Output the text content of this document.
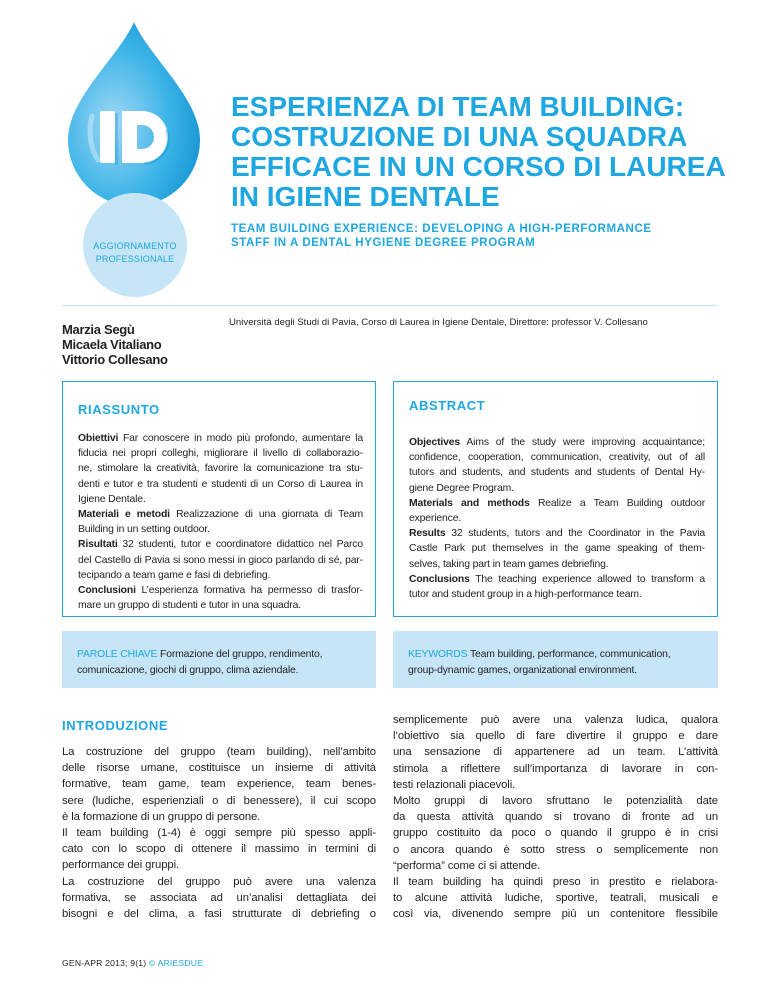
AGGIORNAMENTO
PROFESSIONALE
ESPERIENZA DI TEAM BUILDING:
COSTRUZIONE DI UNA SQUADRA
EFFICACE IN UN CORSO DI LAUREA
IN IGIENE DENTALE
TEAM BUILDING EXPERIENCE: DEVELOPING A HIGH-PERFORMANCE
STAFF IN A DENTAL HYGIENE DEGREE PROGRAM
Marzia Segù
Micaela Vitaliano
Vittorio Collesano
Università degli Studi di Pavia, Corso di Laurea in Igiene Dentale, Direttore: professor V. Collesano
RIASSUNTO
Obiettivi Far conoscere in modo più profondo, aumentare la
fiducia nei propri colleghi, migliorare il livello di collaborazio-
ne, stimolare la creatività, favorire la comunicazione tra stu-
denti e tutor e tra studenti e studenti di un Corso di Laurea in
Igiene Dentale.
Materiali e metodi Realizzazione di una giornata di Team
Building in un setting outdoor.
Risultati 32 studenti, tutor e coordinatore didattico nel Parco
del Castello di Pavia si sono messi in gioco parlando di sé, par-
tecipando a team game e fasi di debriefing.
Conclusioni L’esperienza formativa ha permesso di trasfor-
mare un gruppo di studenti e tutor in una squadra.
ABSTRACT
Objectives Aims of the study were improving acquaintance;
confidence, cooperation, communication, creativity, out of all
tutors and students, and students and students of Dental Hy-
giene Degree Program.
Materials and methods Realize a Team Building outdoor
experience.
Results 32 students, tutors and the Coordinator in the Pavia
Castle Park put themselves in the game speaking of them-
selves, taking part in team games debriefing.
Conclusions The teaching experience allowed to transform a
tutor and student group in a high-performance team.
PAROLE CHIAVE Formazione del gruppo, rendimento,
comunicazione, giochi di gruppo, clima aziendale.
KEYWORDS Team building, performance, communication,
group-dynamic games, organizational environment.
INTRODUZIONE
La costruzione del gruppo (team building), nell’ambito
delle risorse umane, costituisce un insieme di attività
formative, team game, team experience, team benes-
sere (ludiche, esperienziali o di benessere), il cui scopo
è la formazione di un gruppo di persone.
Il team building (1-4) è oggi sempre più spesso appli-
cato con lo scopo di ottenere il massimo in termini di
performance dei gruppi.
La costruzione del gruppo può avere una valenza
formativa, se associata ad un’analisi dettagliata dei
bisogni e del clima, a fasi strutturate di debriefing o
semplicemente può avere una valenza ludica, qualora
l’obiettivo sia quello di fare divertire il gruppo e dare
una sensazione di appartenere ad un team. L’attività
stimola a riflettere sull’importanza di lavorare in con-
testi relazionali piacevoli.
Molto gruppi di lavoro sfruttano le potenzialità date
da questa attività quando si trovano di fronte ad un
gruppo costituito da poco o quando il gruppo è in crisi
o ancora quando è sotto stress o semplicemente non
“performa” come ci si attende.
Il team building ha quindi preso in prestito e rielabora-
to alcune attività ludiche, sportive, teatrali, musicali e
così via, divenendo sempre più un contenitore flessibile
GEN-APR 2013; 9(1) © ARIESDUE
